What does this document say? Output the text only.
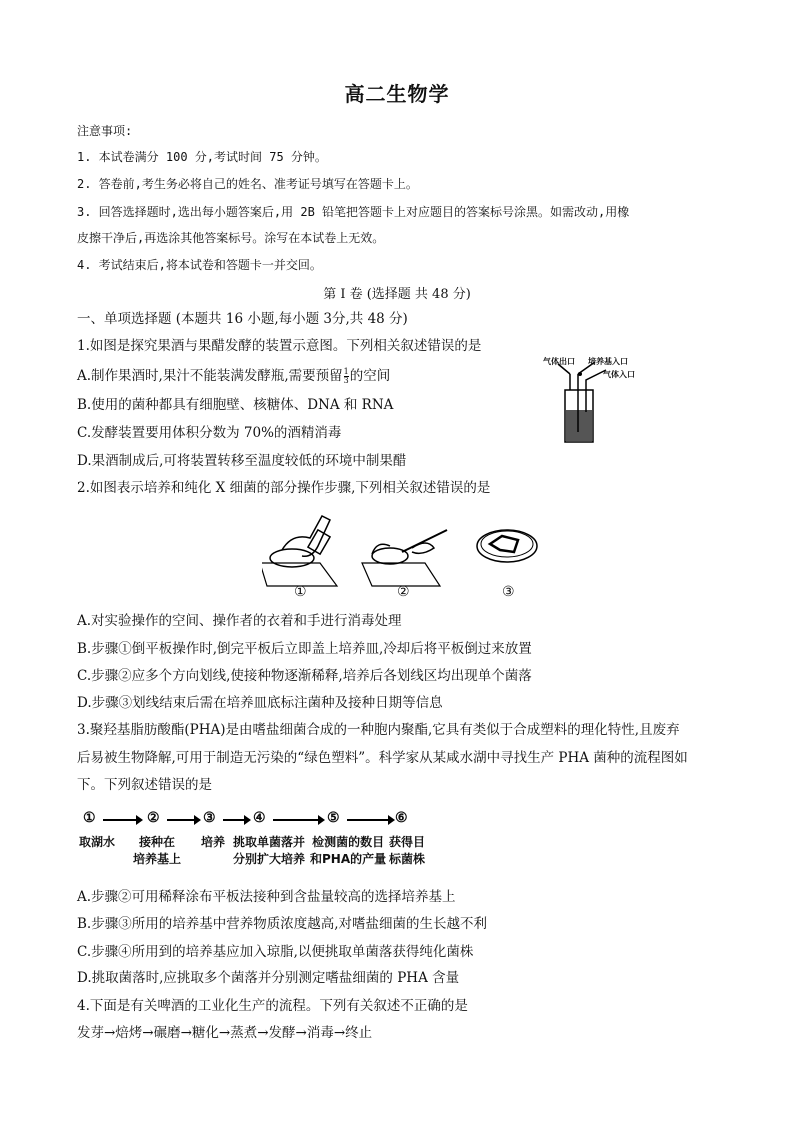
高二生物学
注意事项:
1. 本试卷满分 100 分,考试时间 75 分钟。
2. 答卷前,考生务必将自己的姓名、准考证号填写在答题卡上。
3. 回答选择题时,选出每小题答案后,用 2B 铅笔把答题卡上对应题目的答案标号涂黑。如需改动,用橡
皮擦干净后,再选涂其他答案标号。涂写在本试卷上无效。
4. 考试结束后,将本试卷和答题卡一并交回。
第 I 卷 (选择题 共 48 分)
一、单项选择题 (本题共 16 小题,每小题 3分,共 48 分)
1.如图是探究果酒与果醋发酵的装置示意图。下列相关叙述错误的是
A.制作果酒时,果汁不能装满发酵瓶,需要预留 $\frac{1}{3}$ 的空间
B.使用的菌种都具有细胞壁、核糖体、DNA 和 RNA
C.发酵装置要用体积分数为 70%的酒精消毒
D.果酒制成后,可将装置转移至温度较低的环境中制果醋
气体出口 培养基入口
气体入口
2.如图表示培养和纯化 X 细菌的部分操作步骤,下列相关叙述错误的是
①	②	③
A.对实验操作的空间、操作者的衣着和手进行消毒处理
B.步骤①倒平板操作时,倒完平板后立即盖上培养皿,冷却后将平板倒过来放置
C.步骤②应多个方向划线,使接种物逐渐稀释,培养后各划线区均出现单个菌落
D.步骤③划线结束后需在培养皿底标注菌种及接种日期等信息
3.聚羟基脂肪酸酯(PHA)是由嗜盐细菌合成的一种胞内聚酯,它具有类似于合成塑料的理化特性,且废弃
后易被生物降解,可用于制造无污染的“绿色塑料”。科学家从某咸水湖中寻找生产 PHA 菌种的流程图如
下。下列叙述错误的是
①	②	③	④	⑤	⑥
取湖水	接种在
培养基上
培养 挑取单菌落并
分别扩大培养
检测菌的数目
和PHA的产量
获得目
标菌株
A.步骤②可用稀释涂布平板法接种到含盐量较高的选择培养基上
B.步骤③所用的培养基中营养物质浓度越高,对嗜盐细菌的生长越不利
C.步骤④所用到的培养基应加入琼脂,以便挑取单菌落获得纯化菌株
D.挑取菌落时,应挑取多个菌落并分别测定嗜盐细菌的 PHA 含量
4.下面是有关啤酒的工业化生产的流程。下列有关叙述不正确的是
发芽→焙烤→碾磨→糖化→蒸煮→发酵→消毒→终止
